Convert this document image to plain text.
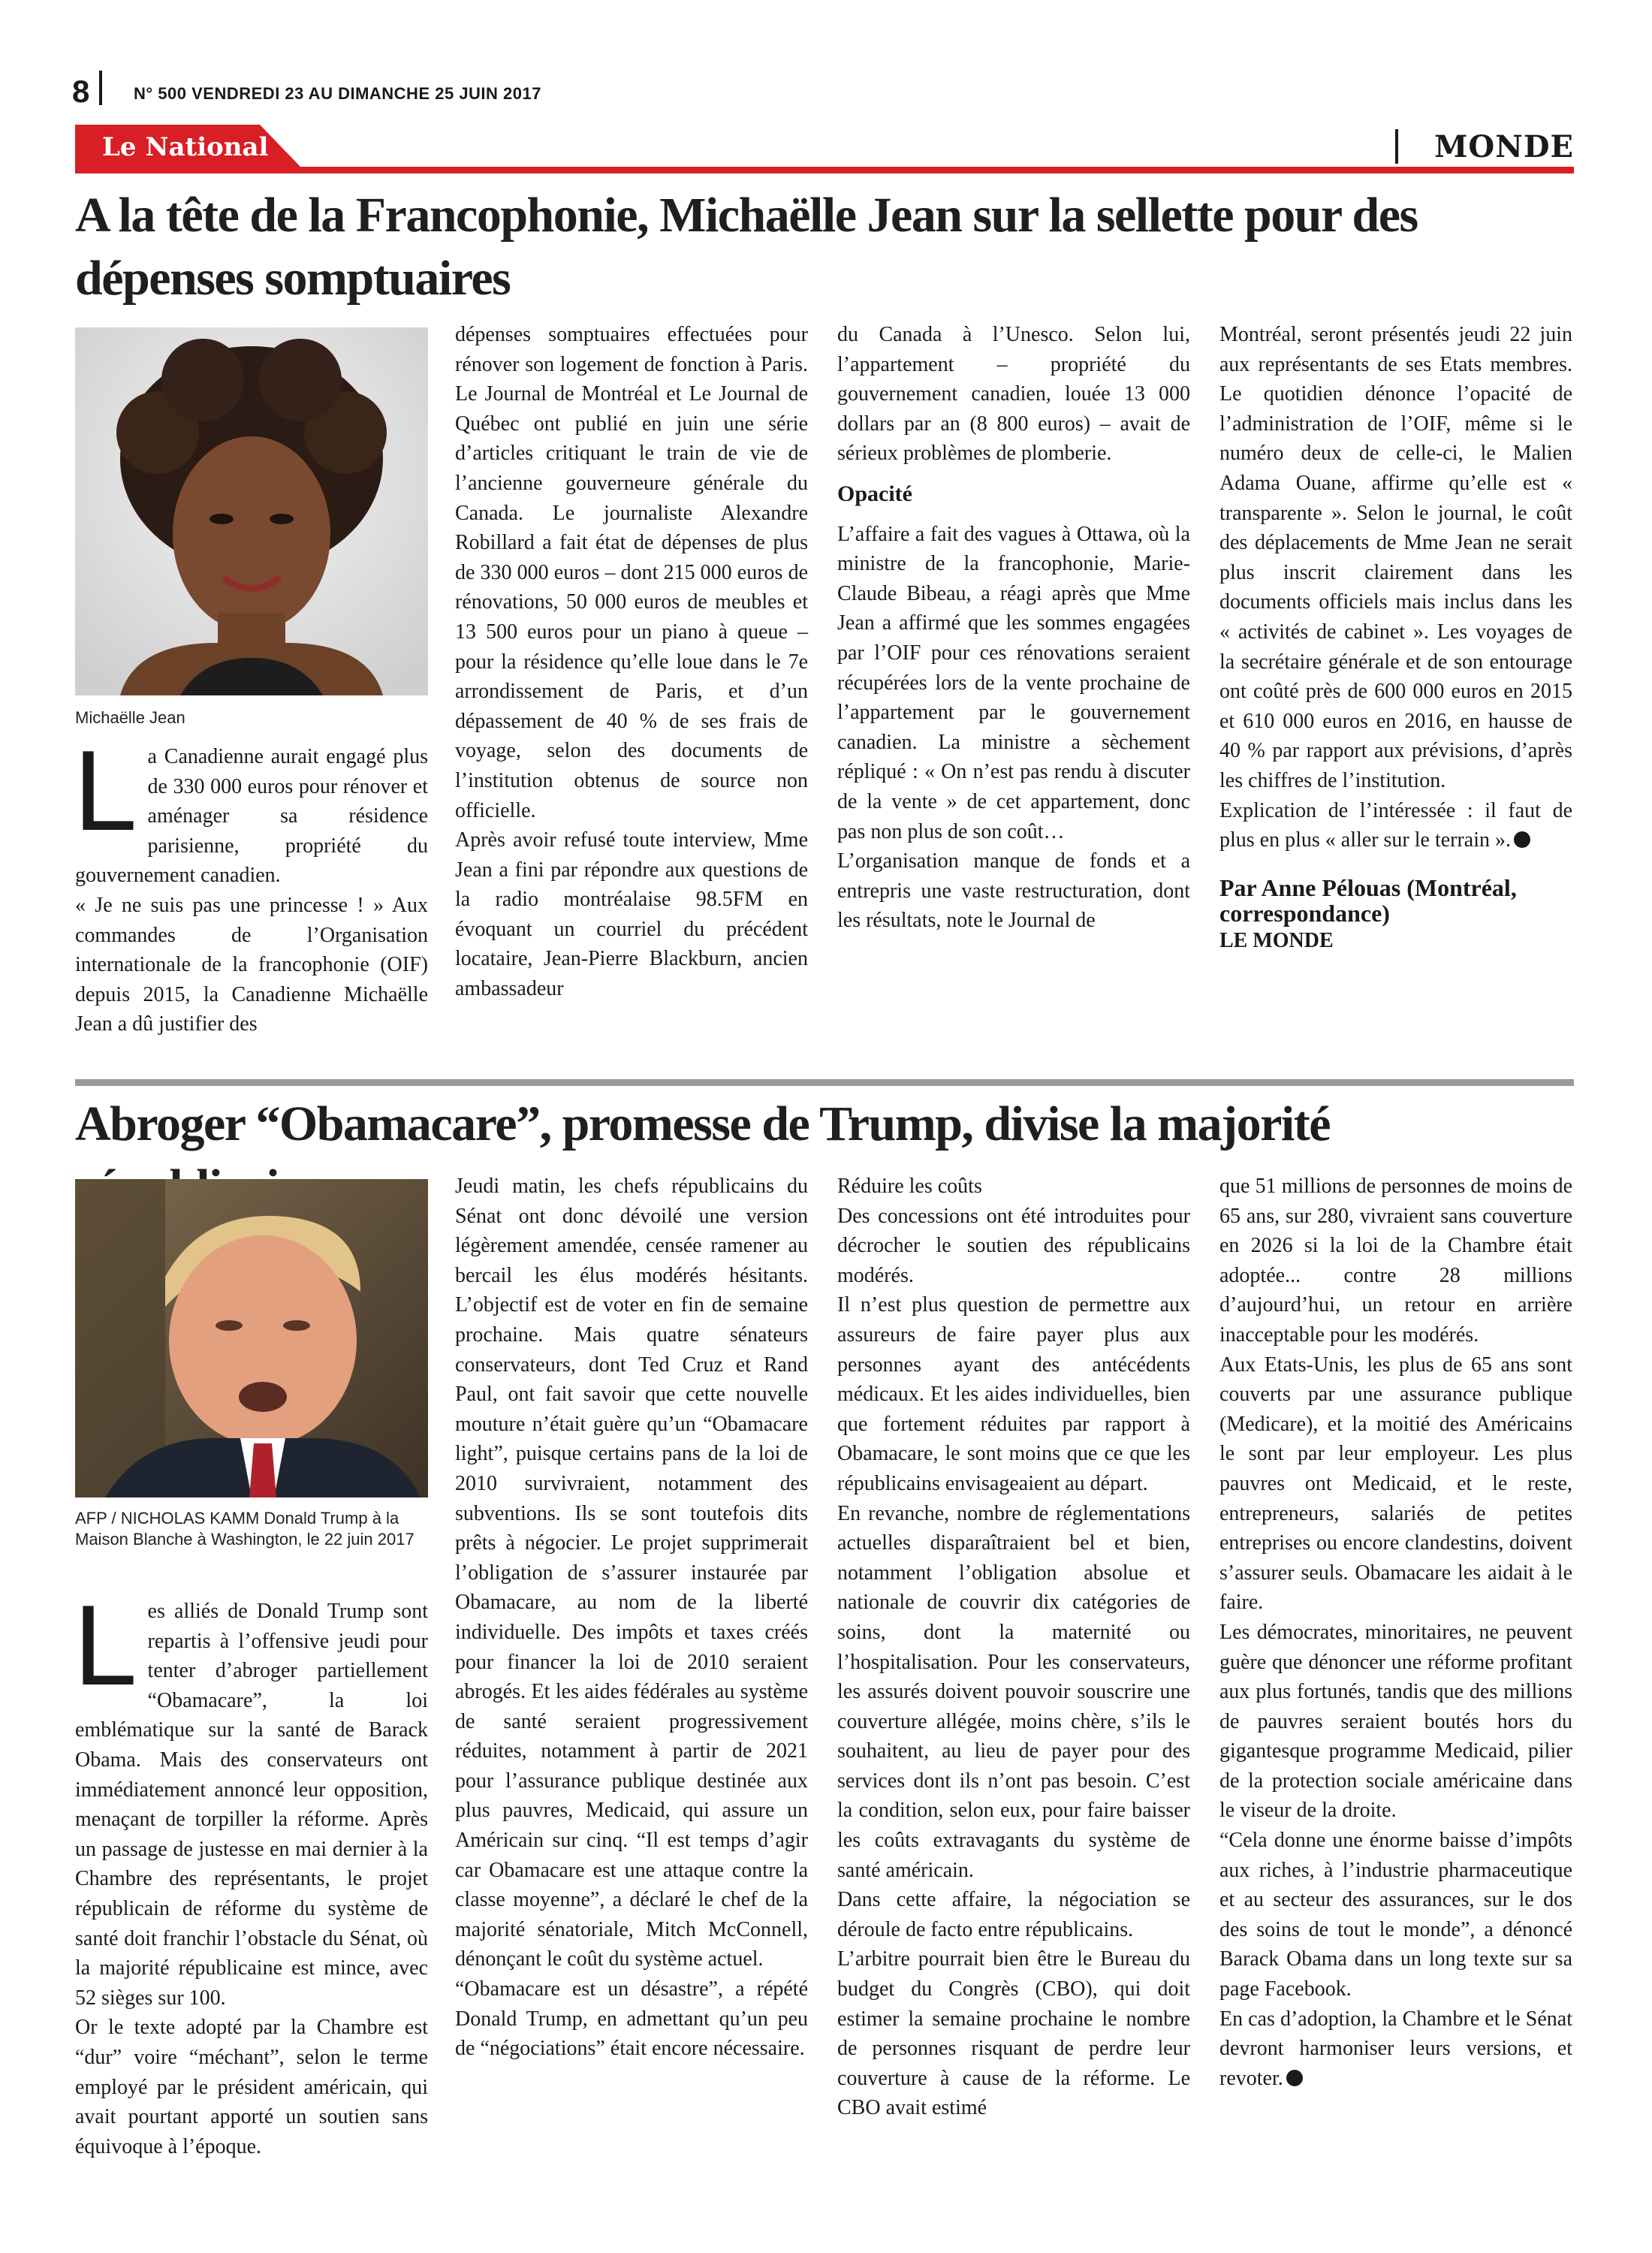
8	N° 500 VENDREDI 23 AU DIMANCHE 25 JUIN 2017
Le National	MONDE
A la tête de la Francophonie, Michaëlle Jean sur la sellette pour des dépenses somptuaires
Michaëlle Jean
L a Canadienne aurait engagé plus de 330 000 euros pour rénover et aménager sa résidence parisienne, propriété du gouvernement canadien.

« Je ne suis pas une princesse ! » Aux commandes de l’Organisation internationale de la francophonie (OIF) depuis 2015, la Canadienne Michaëlle Jean a dû justifier des

dépenses somptuaires effectuées pour rénover son logement de fonction à Paris. Le Journal de Montréal et Le Journal de Québec ont publié en juin une série d’articles critiquant le train de vie de l’ancienne gouverneure générale du Canada. Le journaliste Alexandre Robillard a fait état de dépenses de plus de 330 000 euros – dont 215 000 euros de rénovations, 50 000 euros de meubles et 13 500 euros pour un piano à queue – pour la résidence qu’elle loue dans le 7e arrondissement de Paris, et d’un dépassement de 40 % de ses frais de voyage, selon des documents de l’institution obtenus de source non officielle.

Après avoir refusé toute interview, Mme Jean a fini par répondre aux questions de la radio montréalaise 98.5FM en évoquant un courriel du précédent locataire, Jean-Pierre Blackburn, ancien ambassadeur

du Canada à l’Unesco. Selon lui, l’appartement – propriété du gouvernement canadien, louée 13 000 dollars par an (8 800 euros) – avait de sérieux problèmes de plomberie.

Opacité

L’affaire a fait des vagues à Ottawa, où la ministre de la francophonie, Marie-Claude Bibeau, a réagi après que Mme Jean a affirmé que les sommes engagées par l’OIF pour ces rénovations seraient récupérées lors de la vente prochaine de l’appartement par le gouvernement canadien. La ministre a sèchement répliqué : « On n’est pas rendu à discuter de la vente » de cet appartement, donc pas non plus de son coût…

L’organisation manque de fonds et a entrepris une vaste restructuration, dont les résultats, note le Journal de

Montréal, seront présentés jeudi 22 juin aux représentants de ses Etats membres. Le quotidien dénonce l’opacité de l’administration de l’OIF, même si le numéro deux de celle-ci, le Malien Adama Ouane, affirme qu’elle est « transparente ». Selon le journal, le coût des déplacements de Mme Jean ne serait plus inscrit clairement dans les documents officiels mais inclus dans les « activités de cabinet ». Les voyages de la secrétaire générale et de son entourage ont coûté près de 600 000 euros en 2015 et 610 000 euros en 2016, en hausse de 40 % par rapport aux prévisions, d’après les chiffres de l’institution.

Explication de l’intéressée : il faut de plus en plus « aller sur le terrain ».

Par Anne Pélouas (Montréal, correspondance)

LE MONDE

Abroger “Obamacare”, promesse de Trump, divise la majorité
AFP / NICHOLAS KAMM Donald Trump à la Maison Blanche à Washington, le 22 juin 2017
L es alliés de Donald Trump sont repartis à l’offensive jeudi pour tenter d’abroger partiellement “Obamacare”, la loi emblématique sur la santé de Barack Obama. Mais des conservateurs ont immédiatement annoncé leur opposition, menaçant de torpiller la réforme. Après un passage de justesse en mai dernier à la Chambre des représentants, le projet républicain de réforme du système de santé doit franchir l’obstacle du Sénat, où la majorité républicaine est mince, avec 52 sièges sur 100.

Or le texte adopté par la Chambre est “dur” voire “méchant”, selon le terme employé par le président américain, qui avait pourtant apporté un soutien sans équivoque à l’époque.

Jeudi matin, les chefs républicains du Sénat ont donc dévoilé une version légèrement amendée, censée ramener au bercail les élus modérés hésitants. L’objectif est de voter en fin de semaine prochaine. Mais quatre sénateurs conservateurs, dont Ted Cruz et Rand Paul, ont fait savoir que cette nouvelle mouture n’était guère qu’un “Obamacare light”, puisque certains pans de la loi de 2010 survivraient, notamment des subventions. Ils se sont toutefois dits prêts à négocier. Le projet supprimerait l’obligation de s’assurer instaurée par Obamacare, au nom de la liberté individuelle. Des impôts et taxes créés pour financer la loi de 2010 seraient abrogés. Et les aides fédérales au système de santé seraient progressivement réduites, notamment à partir de 2021 pour l’assurance publique destinée aux plus pauvres, Medicaid, qui assure un Américain sur cinq. “Il est temps d’agir car Obamacare est une attaque contre la classe moyenne”, a déclaré le chef de la majorité sénatoriale, Mitch McConnell, dénonçant le coût du système actuel.

“Obamacare est un désastre”, a répété Donald Trump, en admettant qu’un peu de “négociations” était encore nécessaire.

Réduire les coûts

Des concessions ont été introduites pour décrocher le soutien des républicains modérés.

Il n’est plus question de permettre aux assureurs de faire payer plus aux personnes ayant des antécédents médicaux. Et les aides individuelles, bien que fortement réduites par rapport à Obamacare, le sont moins que ce que les républicains envisageaient au départ.

En revanche, nombre de réglementations actuelles disparaîtraient bel et bien, notamment l’obligation absolue et nationale de couvrir dix catégories de soins, dont la maternité ou l’hospitalisation. Pour les conservateurs, les assurés doivent pouvoir souscrire une couverture allégée, moins chère, s’ils le souhaitent, au lieu de payer pour des services dont ils n’ont pas besoin. C’est la condition, selon eux, pour faire baisser les coûts extravagants du système de santé américain.

Dans cette affaire, la négociation se déroule de facto entre républicains.

L’arbitre pourrait bien être le Bureau du budget du Congrès (CBO), qui doit estimer la semaine prochaine le nombre de personnes risquant de perdre leur couverture à cause de la réforme. Le CBO avait estimé

que 51 millions de personnes de moins de 65 ans, sur 280, vivraient sans couverture en 2026 si la loi de la Chambre était adoptée... contre 28 millions d’aujourd’hui, un retour en arrière inacceptable pour les modérés.

Aux Etats-Unis, les plus de 65 ans sont couverts par une assurance publique (Medicare), et la moitié des Américains le sont par leur employeur. Les plus pauvres ont Medicaid, et le reste, entrepreneurs, salariés de petites entreprises ou encore clandestins, doivent s’assurer seuls. Obamacare les aidait à le faire.

Les démocrates, minoritaires, ne peuvent guère que dénoncer une réforme profitant aux plus fortunés, tandis que des millions de pauvres seraient boutés hors du gigantesque programme Medicaid, pilier de la protection sociale américaine dans le viseur de la droite.

“Cela donne une énorme baisse d’impôts aux riches, à l’industrie pharmaceutique et au secteur des assurances, sur le dos des soins de tout le monde”, a dénoncé Barack Obama dans un long texte sur sa page Facebook.

En cas d’adoption, la Chambre et le Sénat devront harmoniser leurs versions, et revoter.
